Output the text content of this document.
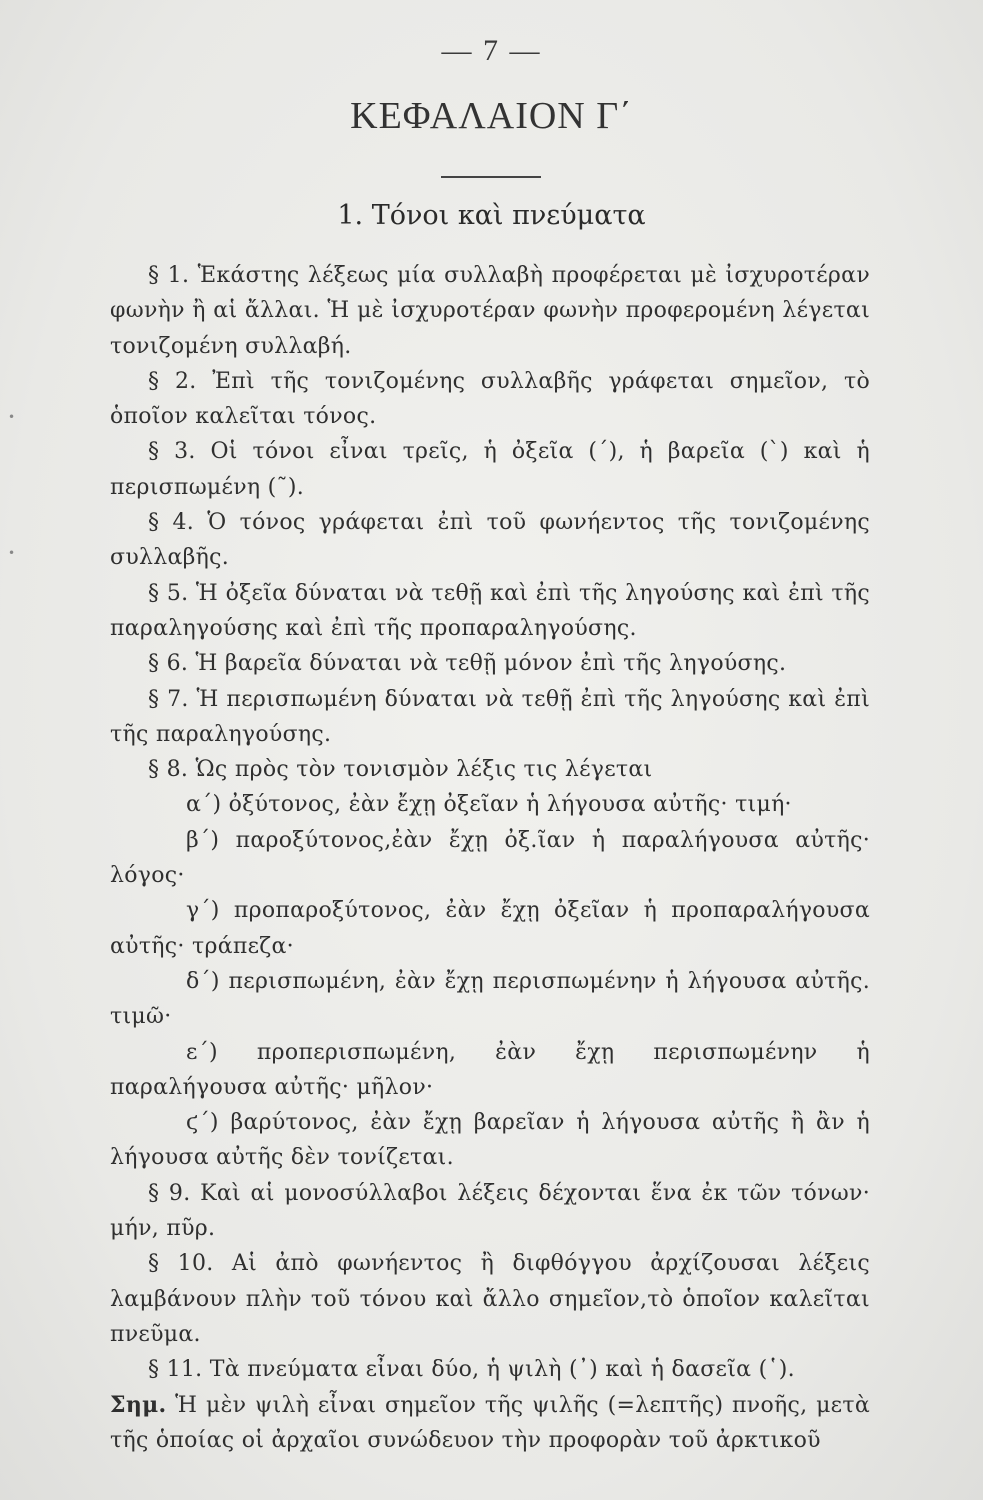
— 7 —
ΚΕΦΑΛΑΙΟΝ Γ΄
1. Τόνοι καὶ πνεύματα

§ 1. Ἑκάστης λέξεως μία συλλαβὴ προφέρεται μὲ ἰσχυροτέραν φωνὴν ἢ αἱ ἄλλαι. Ἡ μὲ ἰσχυροτέραν φωνὴν προφερομένη λέγεται τονιζομένη συλλαβή.

§ 2. Ἐπὶ τῆς τονιζομένης συλλαβῆς γράφεται σημεῖον, τὸ ὁποῖον καλεῖται τόνος.

§ 3. Οἱ τόνοι εἶναι τρεῖς, ἡ ὀξεῖα (΄), ἡ βαρεῖα (`) καὶ ἡ περισπωμένη (῀).

§ 4. Ὁ τόνος γράφεται ἐπὶ τοῦ φωνήεντος τῆς τονιζομένης συλλαβῆς.

§ 5. Ἡ ὀξεῖα δύναται νὰ τεθῇ καὶ ἐπὶ τῆς ληγούσης καὶ ἐπὶ τῆς παραληγούσης καὶ ἐπὶ τῆς προπαραληγούσης.

§ 6. Ἡ βαρεῖα δύναται νὰ τεθῇ μόνον ἐπὶ τῆς ληγούσης.

§ 7. Ἡ περισπωμένη δύναται νὰ τεθῇ ἐπὶ τῆς ληγούσης καὶ ἐπὶ τῆς παραληγούσης.

§ 8. Ὡς πρὸς τὸν τονισμὸν λέξις τις λέγεται

α΄) ὀξύτονος, ἐὰν ἔχῃ ὀξεῖαν ἡ λήγουσα αὐτῆς· τιμή·

β΄) παροξύτονος,ἐὰν ἔχῃ ὀξ.ῖαν ἡ παραλήγουσα αὐτῆς· λόγος·

γ΄) προπαροξύτονος, ἐὰν ἔχῃ ὀξεῖαν ἡ προπαραλήγουσα αὐτῆς· τράπεζα·

δ΄) περισπωμένη, ἐὰν ἔχῃ περισπωμένην ἡ λήγουσα αὐτῆς. τιμῶ·

ε΄) προπερισπωμένη, ἐὰν ἔχῃ περισπωμένην ἡ παραλήγουσα αὐτῆς· μῆλον·

ϛ΄) βαρύτονος, ἐὰν ἔχῃ βαρεῖαν ἡ λήγουσα αὐτῆς ἢ ἂν ἡ λήγουσα αὐτῆς δὲν τονίζεται.

§ 9. Καὶ αἱ μονοσύλλαβοι λέξεις δέχονται ἕνα ἐκ τῶν τόνων· μήν, πῦρ.

§ 10. Αἱ ἀπὸ φωνήεντος ἢ διφθόγγου ἀρχίζουσαι λέξεις λαμβάνουν πλὴν τοῦ τόνου καὶ ἄλλο σημεῖον,τὸ ὁποῖον καλεῖται πνεῦμα.

§ 11. Τὰ πνεύματα εἶναι δύο, ἡ ψιλὴ (᾿) καὶ ἡ δασεῖα (῾).

Σημ. Ἡ μὲν ψιλὴ εἶναι σημεῖον τῆς ψιλῆς (=λεπτῆς) πνοῆς, μετὰ τῆς ὁποίας οἱ ἀρχαῖοι συνώδευον τὴν προφορὰν τοῦ ἀρκτικοῦ

•
•
